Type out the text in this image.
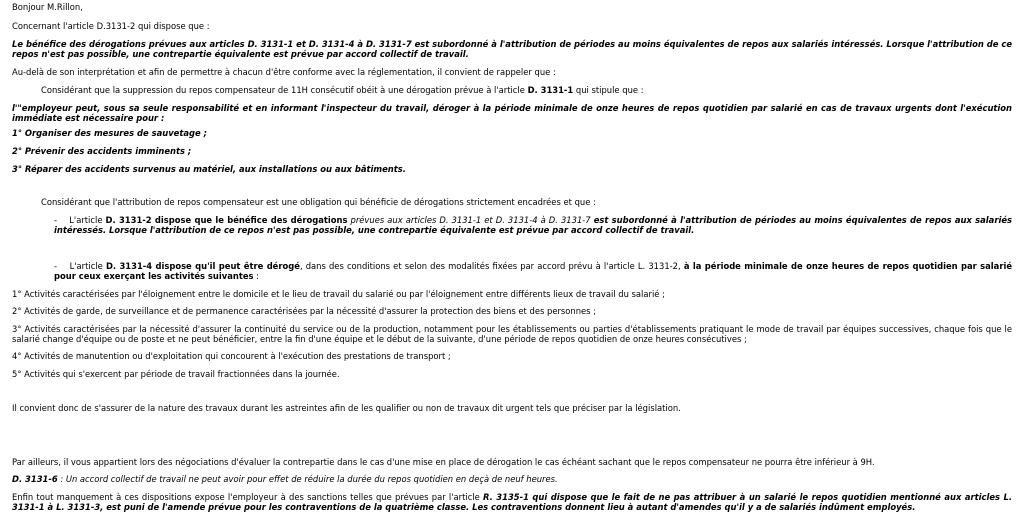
Bonjour M.Rillon,

Concernant l'article D.3131-2 qui dispose que :

Le bénéfice des dérogations prévues aux articles D. 3131-1 et D. 3131-4 à D. 3131-7 est subordonné à l'attribution de périodes au moins équivalentes de repos aux salariés intéressés. Lorsque l'attribution de ce repos n'est pas possible, une contrepartie équivalente est prévue par accord collectif de travail.

Au-delà de son interprétation et afin de permettre à chacun d'être conforme avec la réglementation, il convient de rappeler que :

Considérant que la suppression du repos compensateur de 11H consécutif obéit à une dérogation prévue à l'article D. 3131-1 qui stipule que :

l'"employeur peut, sous sa seule responsabilité et en informant l'inspecteur du travail, déroger à la période minimale de onze heures de repos quotidien par salarié en cas de travaux urgents dont l'exécution immédiate est nécessaire pour :

1° Organiser des mesures de sauvetage ;

2° Prévenir des accidents imminents ;

3° Réparer des accidents survenus au matériel, aux installations ou aux bâtiments.

Considérant que l'attribution de repos compensateur est une obligation qui bénéficie de dérogations strictement encadrées et que :

- L'article D. 3131-2 dispose que le bénéfice des dérogations prévues aux articles D. 3131-1 et D. 3131-4 à D. 3131-7 est subordonné à l'attribution de périodes au moins équivalentes de repos aux salariés intéressés. Lorsque l'attribution de ce repos n'est pas possible, une contrepartie équivalente est prévue par accord collectif de travail.
- L'article D. 3131-4 dispose qu'il peut être dérogé, dans des conditions et selon des modalités fixées par accord prévu à l'article L. 3131-2, à la période minimale de onze heures de repos quotidien par salarié pour ceux exerçant les activités suivantes :

1° Activités caractérisées par l'éloignement entre le domicile et le lieu de travail du salarié ou par l'éloignement entre différents lieux de travail du salarié ;

2° Activités de garde, de surveillance et de permanence caractérisées par la nécessité d'assurer la protection des biens et des personnes ;

3° Activités caractérisées par la nécessité d'assurer la continuité du service ou de la production, notamment pour les établissements ou parties d'établissements pratiquant le mode de travail par équipes successives, chaque fois que le salarié change d'équipe ou de poste et ne peut bénéficier, entre la fin d'une équipe et le début de la suivante, d'une période de repos quotidien de onze heures consécutives ;

4° Activités de manutention ou d'exploitation qui concourent à l'exécution des prestations de transport ;

5° Activités qui s'exercent par période de travail fractionnées dans la journée.

Il convient donc de s'assurer de la nature des travaux durant les astreintes afin de les qualifier ou non de travaux dit urgent tels que préciser par la législation.

Par ailleurs, il vous appartient lors des négociations d'évaluer la contrepartie dans le cas d'une mise en place de dérogation le cas échéant sachant que le repos compensateur ne pourra être inférieur à 9H.

D. 3131-6 : Un accord collectif de travail ne peut avoir pour effet de réduire la durée du repos quotidien en deçà de neuf heures.

Enfin tout manquement à ces dispositions expose l'employeur à des sanctions telles que prévues par l'article R. 3135-1 qui dispose que le fait de ne pas attribuer à un salarié le repos quotidien mentionné aux articles L. 3131-1 à L. 3131-3, est puni de l'amende prévue pour les contraventions de la quatrième classe. Les contraventions donnent lieu à autant d'amendes qu'il y a de salariés indûment employés.
